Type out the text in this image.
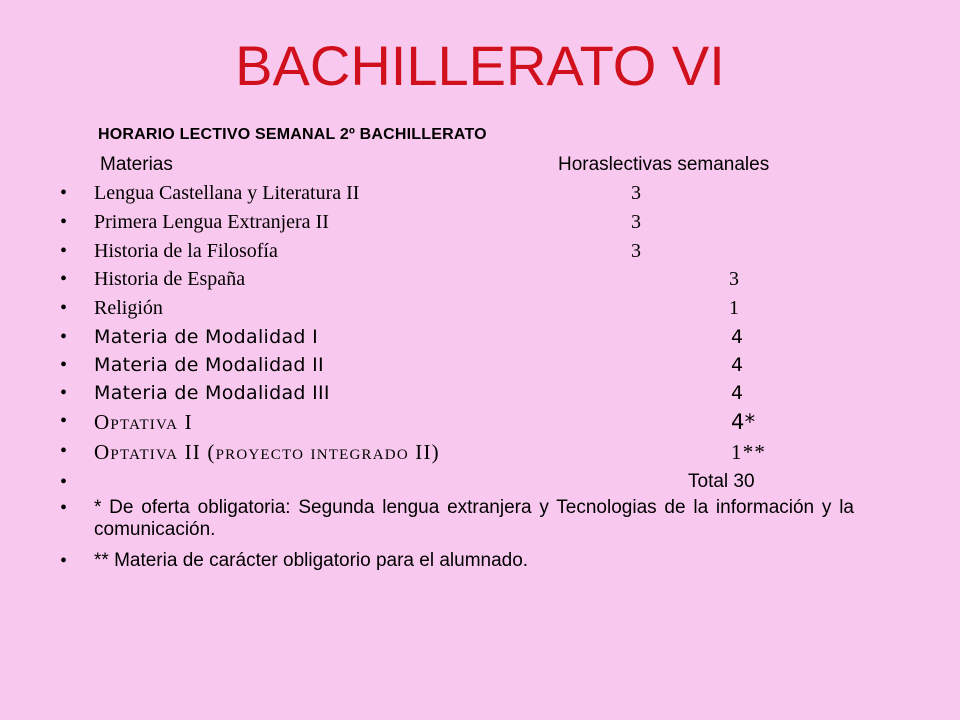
BACHILLERATO VI
HORARIO LECTIVO SEMANAL 2º BACHILLERATO
Materias	Horaslectivas semanales
• Lengua Castellana y Literatura II	3
• Primera Lengua Extranjera II	3
• Historia de la Filosofía	3
• Historia de España	3
• Religión	1
• Materia de Modalidad I	4
• Materia de Modalidad II	4
• Materia de Modalidad III	4
• Optativa I	4*
• Optativa II (proyecto integrado II)	1**
•	Total 30
• * De oferta obligatoria: Segunda lengua extranjera y Tecnologias de la información y la comunicación.
• ** Materia de carácter obligatorio para el alumnado.
